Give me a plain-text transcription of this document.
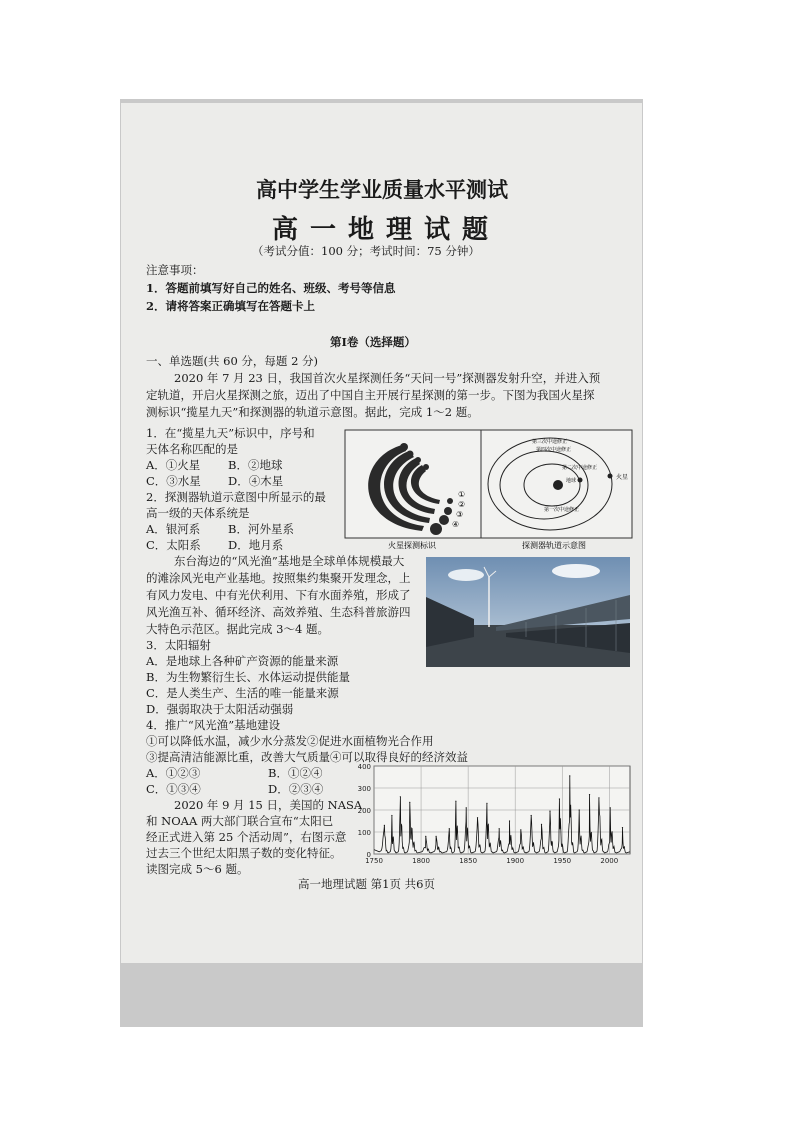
高中学生学业质量水平测试
高一地理试题
（考试分值：100 分；考试时间：75 分钟）
注意事项：
1．答题前填写好自己的姓名、班级、考号等信息
2．请将答案正确填写在答题卡上
第Ⅰ卷（选择题）
一、单选题(共 60 分，每题 2 分)
2020 年 7 月 23 日，我国首次火星探测任务“天问一号”探测器发射升空，并进入预
定轨道，开启火星探测之旅，迈出了中国自主开展行星探测的第一步。下图为我国火星探
测标识“揽星九天”和探测器的轨道示意图。据此，完成 1～2 题。
1．在“揽星九天”标识中，序号和
天体名称匹配的是
A．①火星 B．②地球
C．③水星 D．④木星
2．探测器轨道示意图中所显示的最
高一级的天体系统是
A．银河系 B．河外星系
C．太阳系 D．地月系
④
③
②
①
第三次中途修正
第四次中途修正
第二次中途修正
地球
第一次中途修正
火星
火星探测标识	探测器轨道示意图
东台海边的“风光渔”基地是全球单体规模最大
的滩涂风光电产业基地。按照集约集聚开发理念，上
有风力发电、中有光伏利用、下有水面养殖，形成了
风光渔互补、循环经济、高效养殖、生态科普旅游四
大特色示范区。据此完成 3～4 题。
3．太阳辐射
A．是地球上各种矿产资源的能量来源
B．为生物繁衍生长、水体运动提供能量
C．是人类生产、生活的唯一能量来源
D．强弱取决于太阳活动强弱
4．推广“风光渔”基地建设
①可以降低水温，减少水分蒸发②促进水面植物光合作用
③提高清洁能源比重，改善大气质量④可以取得良好的经济效益
A．①②③	B．①②④
C．①③④	D．②③④
2020 年 9 月 15 日，美国的 NASA
和 NOAA 两大部门联合宣布“太阳已
经正式进入第 25 个活动周”，右图示意
过去三个世纪太阳黑子数的变化特征。
读图完成 5～6 题。
0
100
200
300
400
1750	1800	1850	1900	1950	2000
高一地理试题 第1页 共6页
